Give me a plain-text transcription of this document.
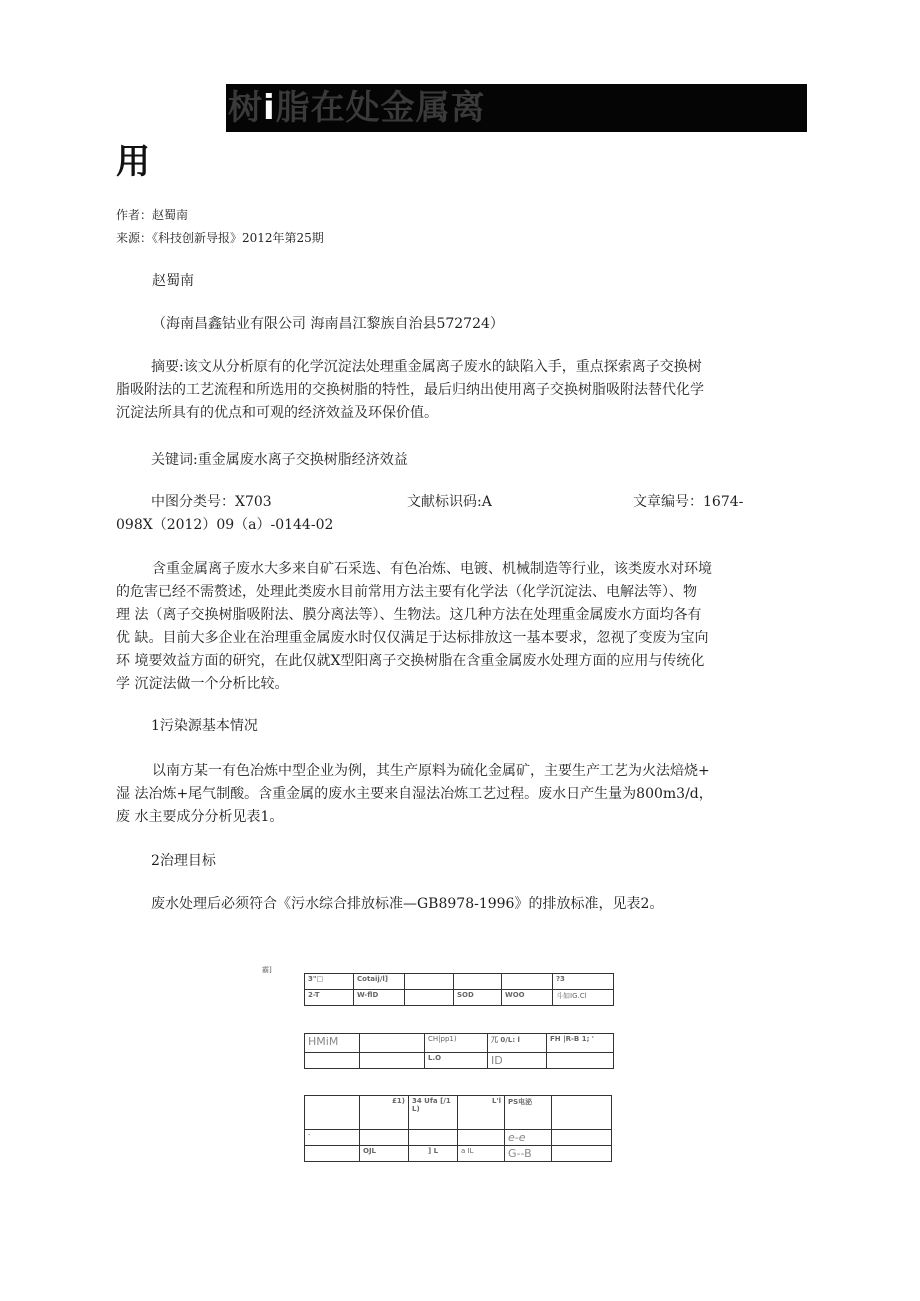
树i脂在处金属离
用
作者：赵蜀南
来源：《科技创新导报》2012年第25期
赵蜀南
（海南昌鑫钴业有限公司 海南昌江黎族自治县572724）
摘要:该文从分析原有的化学沉淀法处理重金属离子废水的缺陷入手，重点探索离子交换树
脂吸附法的工艺流程和所选用的交换树脂的特性，最后归纳出使用离子交换树脂吸附法替代化学
沉淀法所具有的优点和可观的经济效益及环保价值。
关键词:重金属废水离子交换树脂经济效益
中图分类号：X703	文献标识码:A	文章编号：1674-
098X（2012）09（a）-0144-02
含重金属离子废水大多来自矿石采选、有色冶炼、电镀、机械制造等行业，该类废水对环境
的危害已经不需赘述，处理此类废水目前常用方法主要有化学法（化学沉淀法、电解法等）、物
理 法（离子交换树脂吸附法、膜分离法等）、生物法。这几种方法在处理重金属废水方面均各有
优 缺。目前大多企业在治理重金属废水时仅仅满足于达标排放这一基本要求，忽视了变废为宝向
环 境要效益方面的研究，在此仅就X型阳离子交换树脂在含重金属废水处理方面的应用与传统化
学 沉淀法做一个分析比较。
1污染源基本情况
以南方某一有色冶炼中型企业为例，其生产原料为硫化金属矿，主要生产工艺为火法焙烧+
湿 法冶炼+尾气制酸。含重金属的废水主要来自湿法冶炼工艺过程。废水日产生量为800m3/d，
废 水主要成分分析见表1。
2治理目标
废水处理后必须符合《污水综合排放标准—GB8978-1996》的排放标准，见表2。
霸]
3"□	Cotaij/l]				?3
2-T	W-flD		SOD	WOO	斗如IG.Cl
HMiM		CH|pp1)	兀 0/L: l	FH |R-B 1; '
		L.O	ID	
	£1)	34 Ufa [/1 L)	L'l	PS电泌	
-				e-e	
	OJL	] L	a IL	G--B	
